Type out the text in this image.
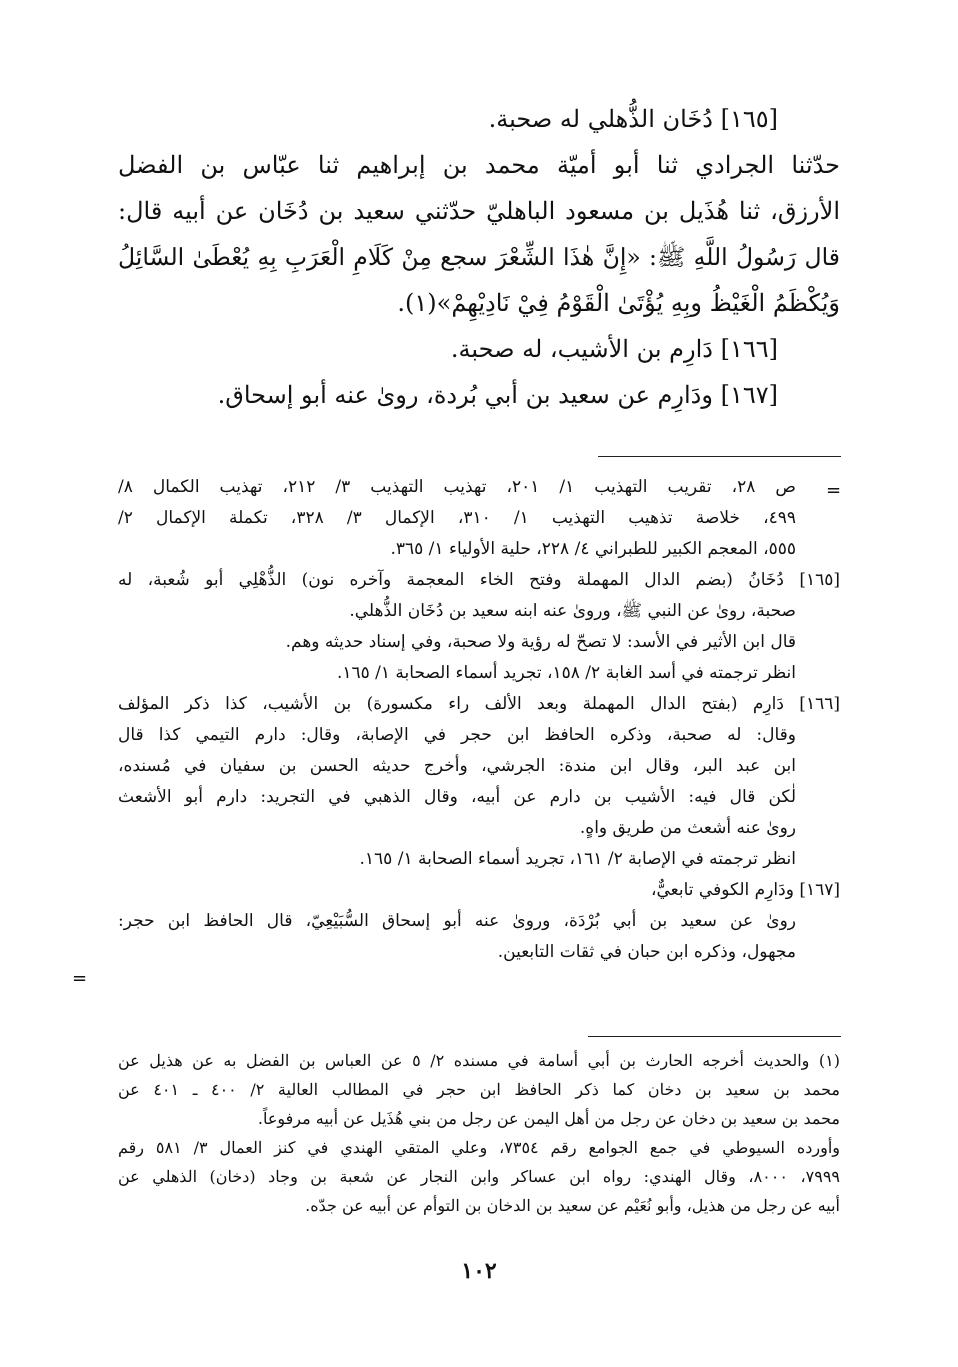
[١٦٥] دُخَان الذُّهلي له صحبة.
حدّثنا الجرادي ثنا أبو أميّة محمد بن إبراهيم ثنا عبّاس بن الفضل
الأرزق، ثنا هُذَيل بن مسعود الباهليّ حدّثني سعيد بن دُخَان عن أبيه قال:
قال رَسُولُ اللَّهِ ﷺ: «إِنَّ هٰذَا الشِّعْرَ سجع مِنْ كَلَامِ الْعَرَبِ بِهِ يُعْطَىٰ السَّائِلُ
وَيُكْظَمُ الْغَيْظُ وبِهِ يُؤْتَىٰ الْقَوْمُ فِيْ نَادِيْهِمْ»(١).
[١٦٦] دَارِم بن الأشيب، له صحبة.
[١٦٧] ودَارِم عن سعيد بن أبي بُردة، روىٰ عنه أبو إسحاق.
=
ص ٢٨، تقريب التهذيب ١/ ٢٠١، تهذيب التهذيب ٣/ ٢١٢، تهذيب الكمال ٨/
٤٩٩، خلاصة تذهيب التهذيب ١/ ٣١٠، الإكمال ٣/ ٣٢٨، تكملة الإكمال ٢/
٥٥٥، المعجم الكبير للطبراني ٤/ ٢٢٨، حلية الأولياء ١/ ٣٦٥.
[١٦٥] دُخَانُ (بضم الدال المهملة وفتح الخاء المعجمة وآخره نون) الذُّهْلِي أبو شُعبة، له
صحبة، روىٰ عن النبي ﷺ، وروىٰ عنه ابنه سعيد بن دُخَان الذُّهلي.
قال ابن الأثير في الأسد: لا تصحّ له رؤية ولا صحبة، وفي إسناد حديثه وهم.
انظر ترجمته في أسد الغابة ٢/ ١٥٨، تجريد أسماء الصحابة ١/ ١٦٥.
[١٦٦] دَارِم (بفتح الدال المهملة وبعد الألف راء مكسورة) بن الأشيب، كذا ذكر المؤلف
وقال: له صحبة، وذكره الحافظ ابن حجر في الإصابة، وقال: دارم التيمي كذا قال
ابن عبد البر، وقال ابن مندة: الجرشي، وأخرج حديثه الحسن بن سفيان في مُسنده،
لٰكن قال فيه: الأشيب بن دارم عن أبيه، وقال الذهبي في التجريد: دارم أبو الأشعث
روىٰ عنه أشعث من طريق واهٍ.
انظر ترجمته في الإصابة ٢/ ١٦١، تجريد أسماء الصحابة ١/ ١٦٥.
[١٦٧] ودَارِم الكوفي تابعيٌّ،
روىٰ عن سعيد بن أبي بُرْدَة، وروىٰ عنه أبو إسحاق السُّبَيْعِيّ، قال الحافظ ابن حجر:
مجهول، وذكره ابن حبان في ثقات التابعين.
=
(١) والحديث أخرجه الحارث بن أبي أسامة في مسنده ٢/ ٥ عن العباس بن الفضل به عن هذيل عن
محمد بن سعيد بن دخان كما ذكر الحافظ ابن حجر في المطالب العالية ٢/ ٤٠٠ ـ ٤٠١ عن
محمد بن سعيد بن دخان عن رجل من أهل اليمن عن رجل من بني هُذَيل عن أبيه مرفوعاً.
وأورده السيوطي في جمع الجوامع رقم ٧٣٥٤، وعلي المتقي الهندي في كنز العمال ٣/ ٥٨١ رقم
٧٩٩٩، ٨٠٠٠، وقال الهندي: رواه ابن عساكر وابن النجار عن شعبة بن وجاد (دخان) الذهلي عن
أبيه عن رجل من هذيل، وأبو نُعَيْم عن سعيد بن الدخان بن التوأم عن أبيه عن جدّه.
١٠٢
